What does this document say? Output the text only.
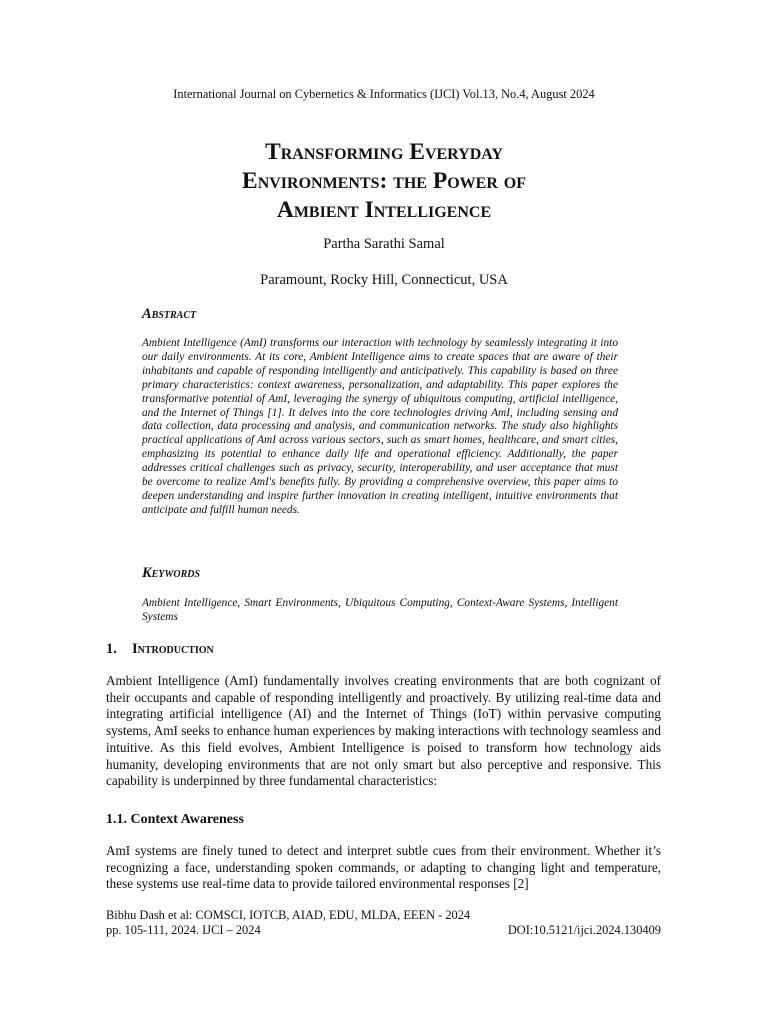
International Journal on Cybernetics & Informatics (IJCI) Vol.13, No.4, August 2024
Transforming Everyday
Environments: the Power of
Ambient Intelligence
Partha Sarathi Samal
Paramount, Rocky Hill, Connecticut, USA
Abstract
Ambient Intelligence (AmI) transforms our interaction with technology by seamlessly integrating it into our daily environments. At its core, Ambient Intelligence aims to create spaces that are aware of their inhabitants and capable of responding intelligently and anticipatively. This capability is based on three primary characteristics: context awareness, personalization, and adaptability. This paper explores the transformative potential of AmI, leveraging the synergy of ubiquitous computing, artificial intelligence, and the Internet of Things [1]. It delves into the core technologies driving AmI, including sensing and data collection, data processing and analysis, and communication networks. The study also highlights practical applications of AmI across various sectors, such as smart homes, healthcare, and smart cities, emphasizing its potential to enhance daily life and operational efficiency. Additionally, the paper addresses critical challenges such as privacy, security, interoperability, and user acceptance that must be overcome to realize AmI's benefits fully. By providing a comprehensive overview, this paper aims to deepen understanding and inspire further innovation in creating intelligent, intuitive environments that anticipate and fulfill human needs.
Keywords
Ambient Intelligence, Smart Environments, Ubiquitous Computing, Context-Aware Systems, Intelligent Systems
1. Introduction
Ambient Intelligence (AmI) fundamentally involves creating environments that are both cognizant of their occupants and capable of responding intelligently and proactively. By utilizing real-time data and integrating artificial intelligence (AI) and the Internet of Things (IoT) within pervasive computing systems, AmI seeks to enhance human experiences by making interactions with technology seamless and intuitive. As this field evolves, Ambient Intelligence is poised to transform how technology aids humanity, developing environments that are not only smart but also perceptive and responsive. This capability is underpinned by three fundamental characteristics:
1.1. Context Awareness
AmI systems are finely tuned to detect and interpret subtle cues from their environment. Whether it’s recognizing a face, understanding spoken commands, or adapting to changing light and temperature, these systems use real-time data to provide tailored environmental responses [2]
Bibhu Dash et al: COMSCI, IOTCB, AIAD, EDU, MLDA, EEEN - 2024
pp. 105-111, 2024. IJCI – 2024	DOI:10.5121/ijci.2024.130409
